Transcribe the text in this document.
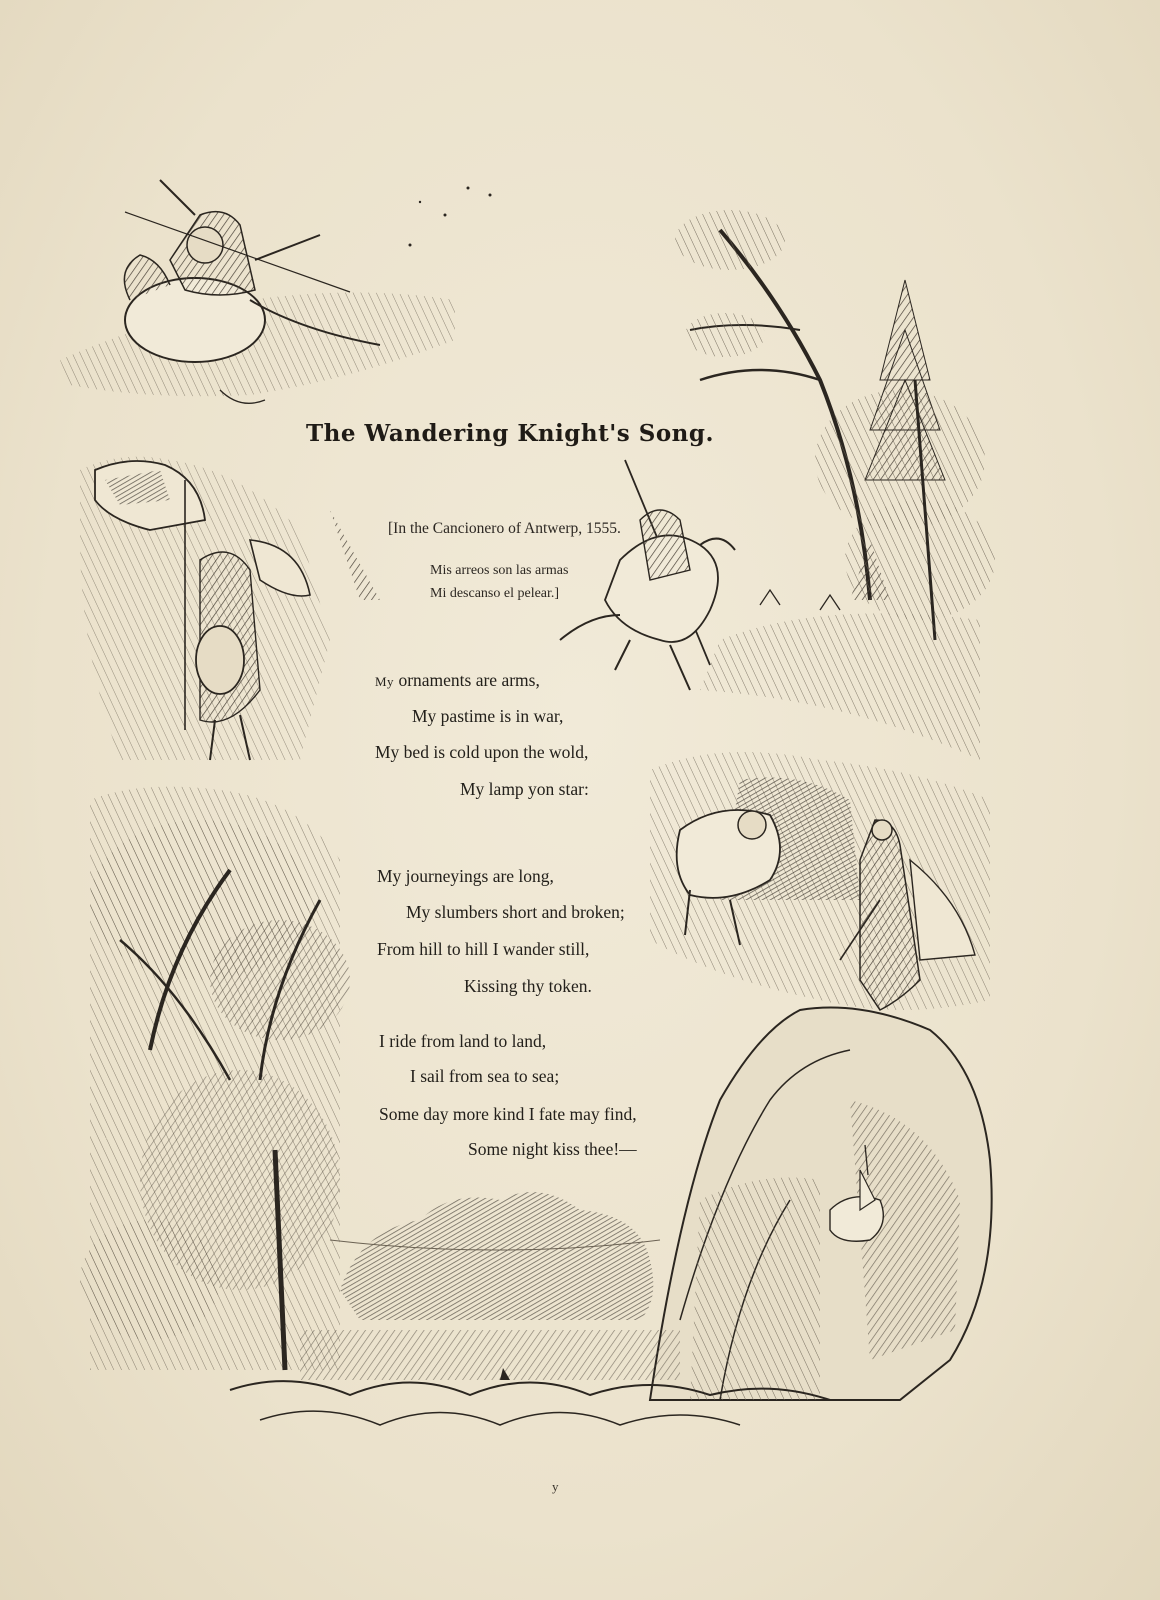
The Wandering Knight's Song.
[In the Cancionero of Antwerp, 1555.
Mis arreos son las armas
Mi descanso el pelear.]
My ornaments are arms,
My pastime is in war,
My bed is cold upon the wold,
My lamp yon star:
My journeyings are long,
My slumbers short and broken;
From hill to hill I wander still,
Kissing thy token.
I ride from land to land,
I sail from sea to sea;
Some day more kind I fate may find,
Some night kiss thee!—
y
